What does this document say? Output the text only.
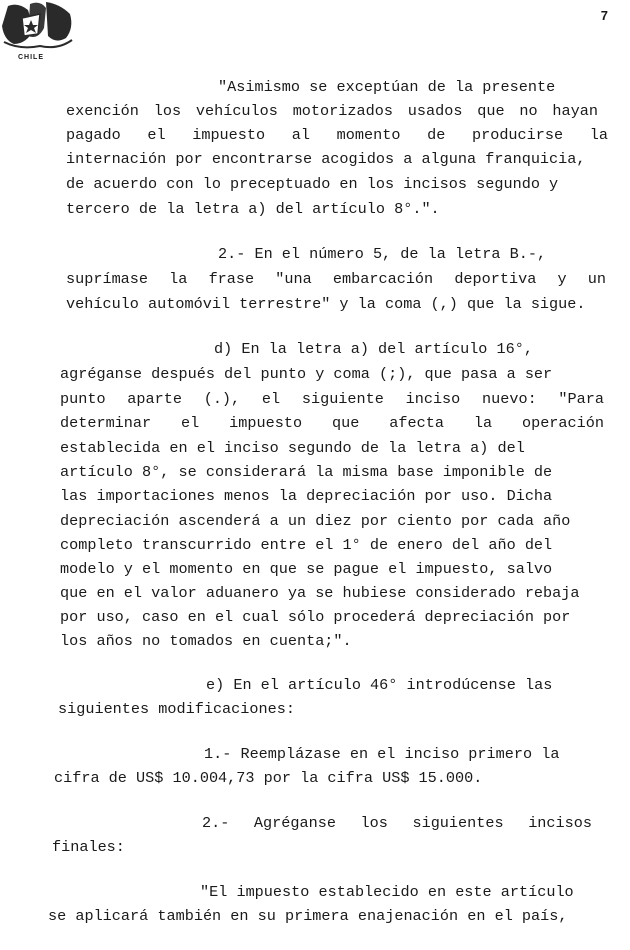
CHILE
7
"Asimismo se exceptúan de la presente
exención los vehículos motorizados usados que no hayan
pagado el impuesto al momento de producirse la
internación por encontrarse acogidos a alguna franquicia,
de acuerdo con lo preceptuado en los incisos segundo y
tercero de la letra a) del artículo 8°.".
2.- En el número 5, de la letra B.-,
suprímase la frase "una embarcación deportiva y un
vehículo automóvil terrestre" y la coma (,) que la sigue.
d) En la letra a) del artículo 16°,
agréganse después del punto y coma (;), que pasa a ser
punto aparte (.), el siguiente inciso nuevo: "Para
determinar el impuesto que afecta la operación
establecida en el inciso segundo de la letra a) del
artículo 8°, se considerará la misma base imponible de
las importaciones menos la depreciación por uso. Dicha
depreciación ascenderá a un diez por ciento por cada año
completo transcurrido entre el 1° de enero del año del
modelo y el momento en que se pague el impuesto, salvo
que en el valor aduanero ya se hubiese considerado rebaja
por uso, caso en el cual sólo procederá depreciación por
los años no tomados en cuenta;".
e) En el artículo 46° introdúcense las
siguientes modificaciones:
1.- Reemplázase en el inciso primero la
cifra de US$ 10.004,73 por la cifra US$ 15.000.
2.- Agréganse los siguientes incisos
finales:
"El impuesto establecido en este artículo
se aplicará también en su primera enajenación en el país,
